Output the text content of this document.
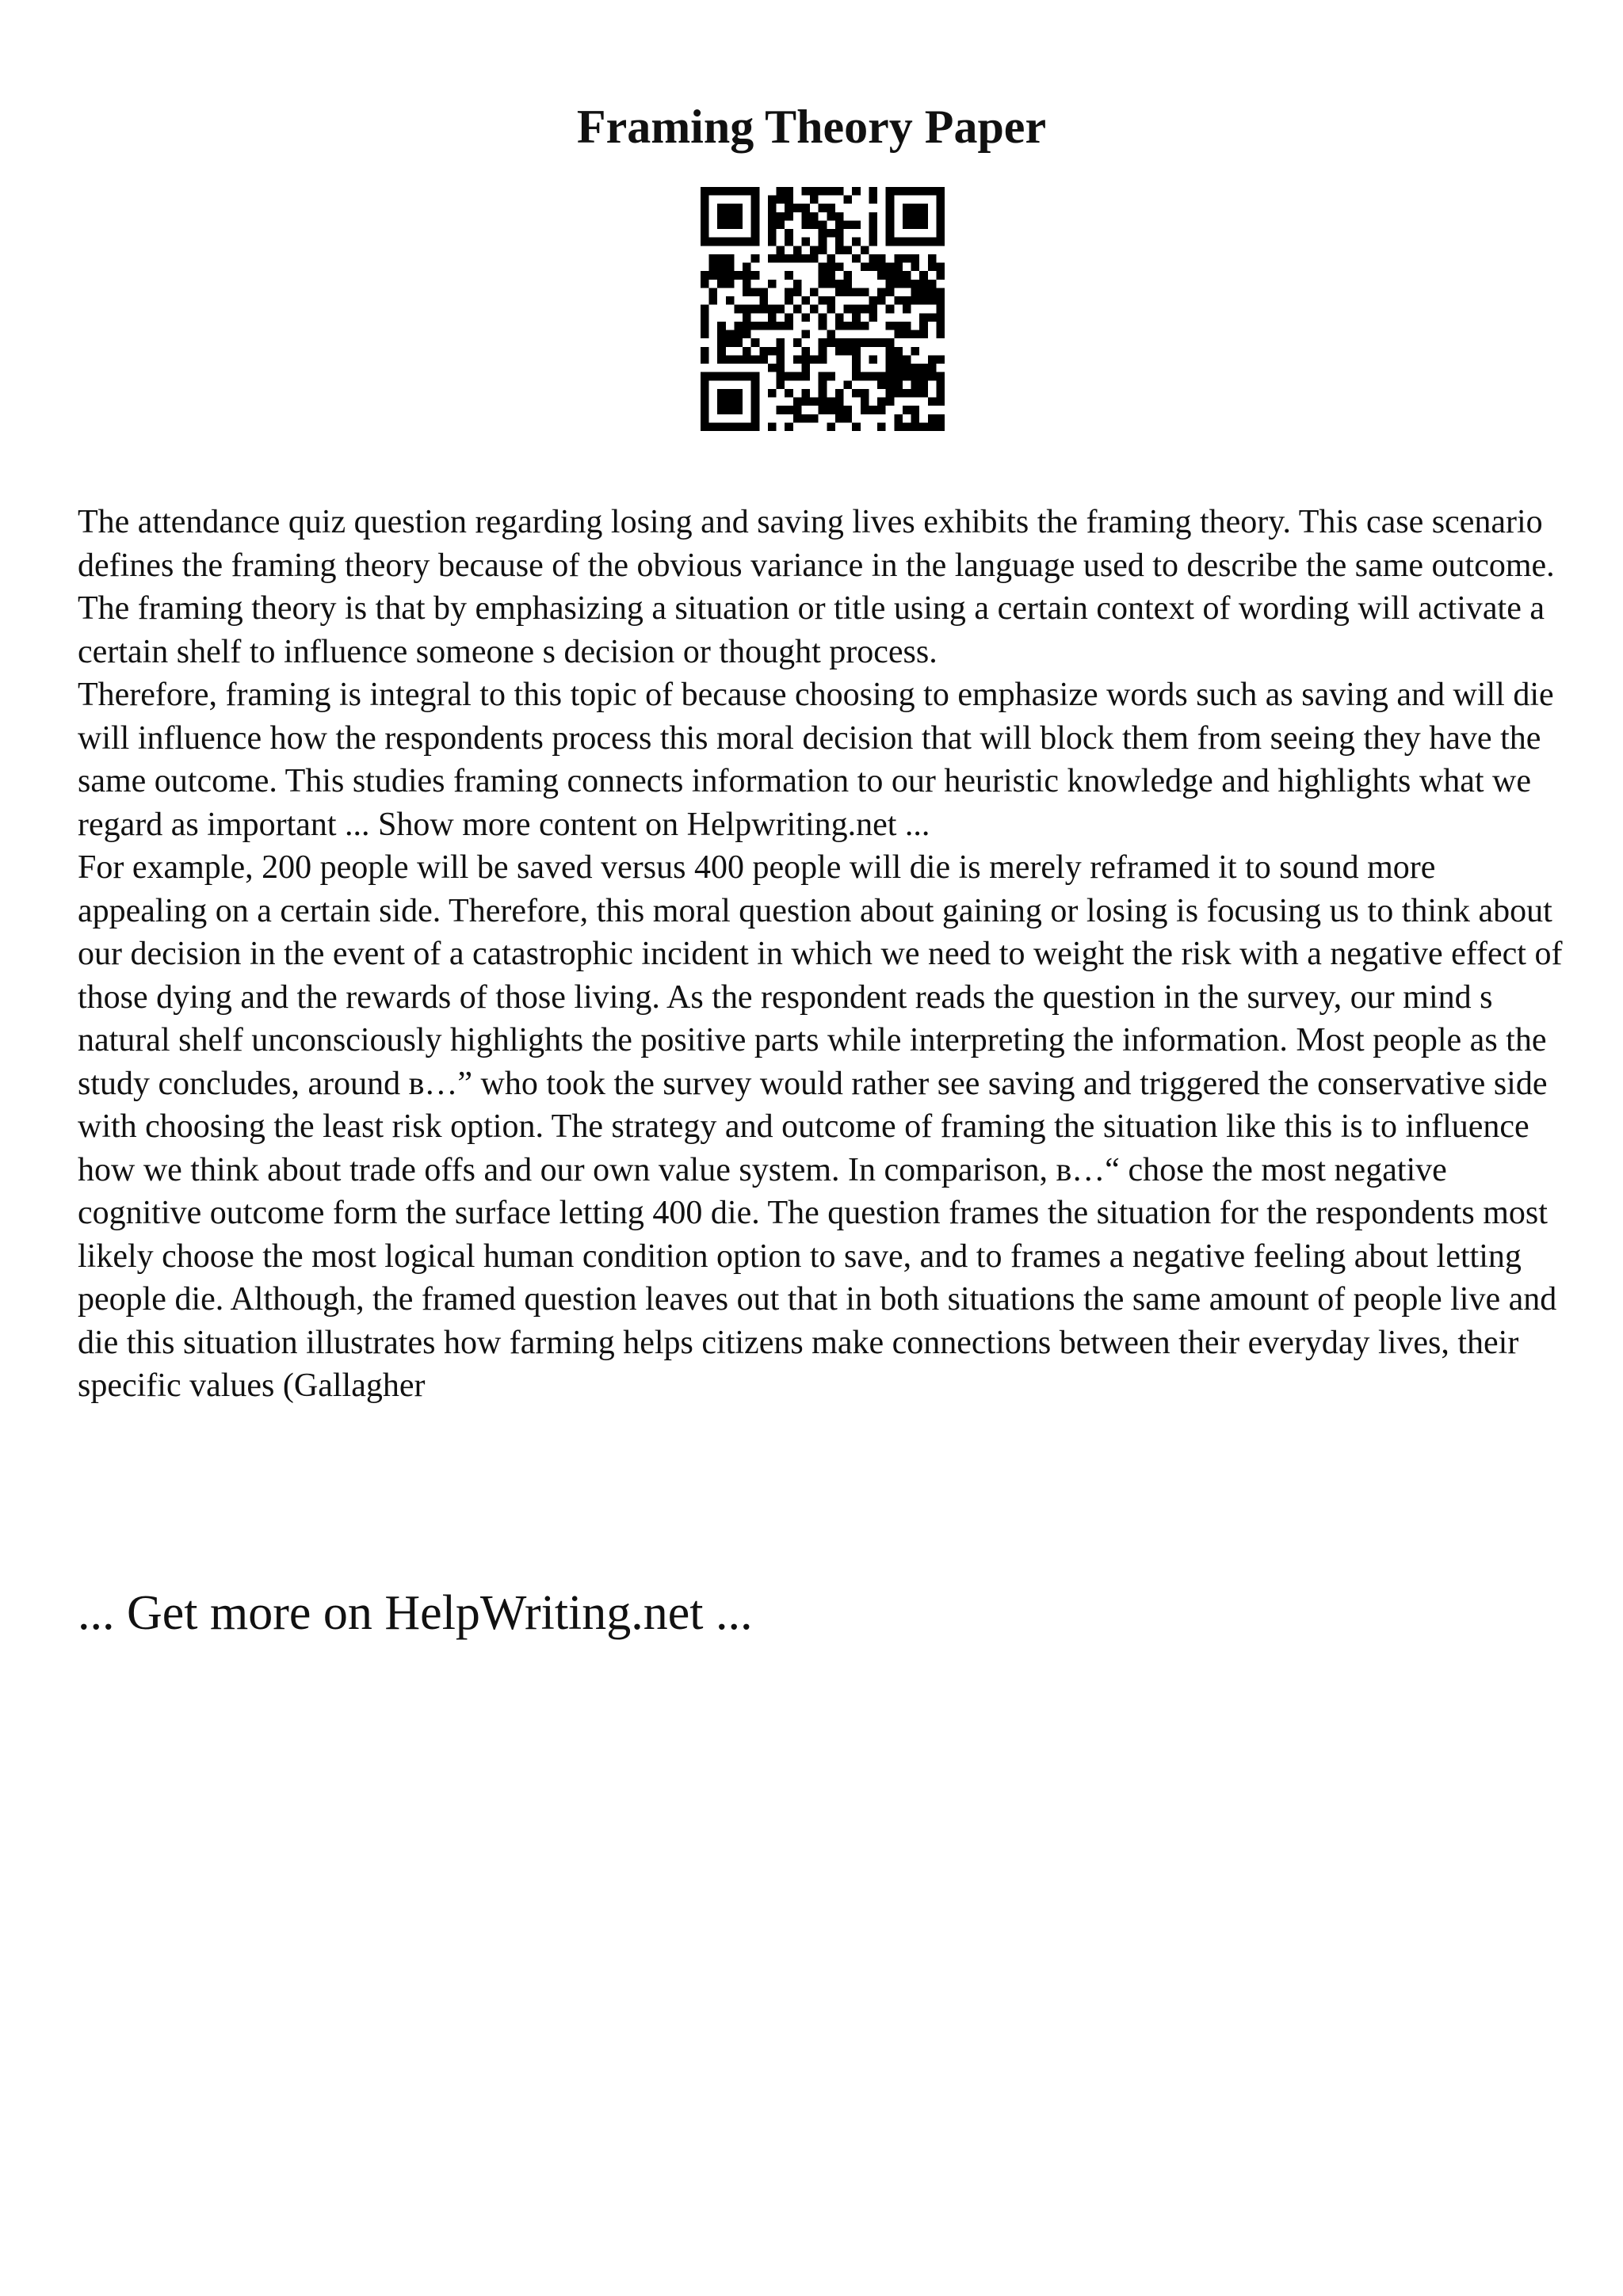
Framing Theory Paper

The attendance quiz question regarding losing and saving lives exhibits the framing theory. This case scenario defines the framing theory because of the obvious variance in the language used to describe the same outcome. The framing theory is that by emphasizing a situation or title using a certain context of wording will activate a certain shelf to influence someone s decision or thought process.

Therefore, framing is integral to this topic of because choosing to emphasize words such as saving and will die will influence how the respondents process this moral decision that will block them from seeing they have the same outcome. This studies framing connects information to our heuristic knowledge and highlights what we regard as important ... Show more content on Helpwriting.net ...

For example, 200 people will be saved versus 400 people will die is merely reframed it to sound more appealing on a certain side. Therefore, this moral question about gaining or losing is focusing us to think about our decision in the event of a catastrophic incident in which we need to weight the risk with a negative effect of those dying and the rewards of those living. As the respondent reads the question in the survey, our mind s natural shelf unconsciously highlights the positive parts while interpreting the information. Most people as the study concludes, around в…” who took the survey would rather see saving and triggered the conservative side with choosing the least risk option. The strategy and outcome of framing the situation like this is to influence how we think about trade offs and our own value system. In comparison, в…“ chose the most negative cognitive outcome form the surface letting 400 die. The question frames the situation for the respondents most likely choose the most logical human condition option to save, and to frames a negative feeling about letting people die. Although, the framed question leaves out that in both situations the same amount of people live and die this situation illustrates how farming helps citizens make connections between their everyday lives, their specific values (Gallagher

... Get more on HelpWriting.net ...
